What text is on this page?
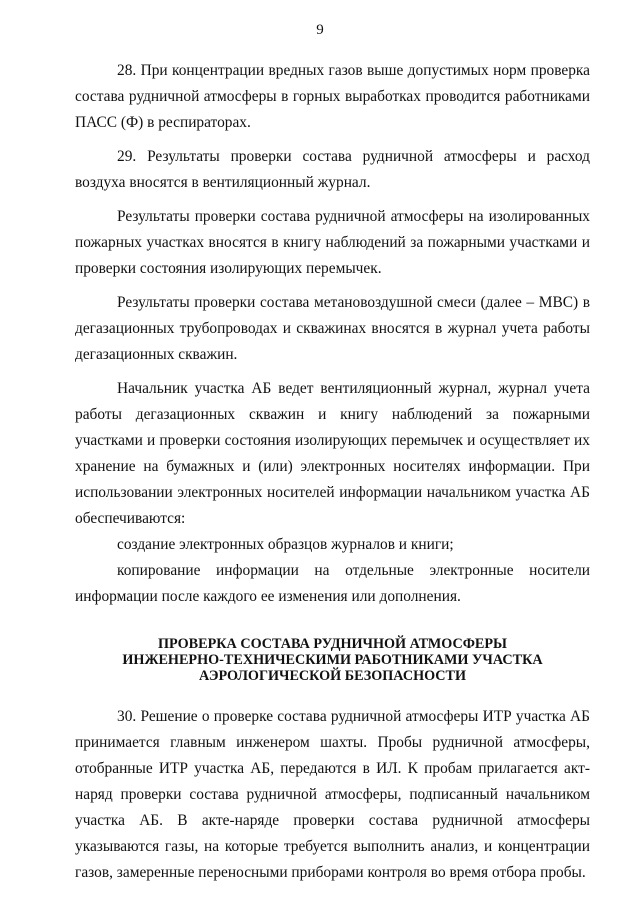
9

28. При концентрации вредных газов выше допустимых норм проверка состава рудничной атмосферы в горных выработках проводится работниками ПАСС (Ф) в респираторах.

29. Результаты проверки состава рудничной атмосферы и расход воздуха вносятся в вентиляционный журнал.

Результаты проверки состава рудничной атмосферы на изолированных пожарных участках вносятся в книгу наблюдений за пожарными участками и проверки состояния изолирующих перемычек.

Результаты проверки состава метановоздушной смеси (далее – МВС) в дегазационных трубопроводах и скважинах вносятся в журнал учета работы дегазационных скважин.

Начальник участка АБ ведет вентиляционный журнал, журнал учета работы дегазационных скважин и книгу наблюдений за пожарными участками и проверки состояния изолирующих перемычек и осуществляет их хранение на бумажных и (или) электронных носителях информации. При использовании электронных носителей информации начальником участка АБ обеспечиваются:

создание электронных образцов журналов и книги;

копирование информации на отдельные электронные носители информации после каждого ее изменения или дополнения.

ПРОВЕРКА СОСТАВА РУДНИЧНОЙ АТМОСФЕРЫ
ИНЖЕНЕРНО-ТЕХНИЧЕСКИМИ РАБОТНИКАМИ УЧАСТКА
АЭРОЛОГИЧЕСКОЙ БЕЗОПАСНОСТИ

30. Решение о проверке состава рудничной атмосферы ИТР участка АБ принимается главным инженером шахты. Пробы рудничной атмосферы, отобранные ИТР участка АБ, передаются в ИЛ. К пробам прилагается акт-наряд проверки состава рудничной атмосферы, подписанный начальником участка АБ. В акте-наряде проверки состава рудничной атмосферы указываются газы, на которые требуется выполнить анализ, и концентрации газов, замеренные переносными приборами контроля во время отбора пробы.
